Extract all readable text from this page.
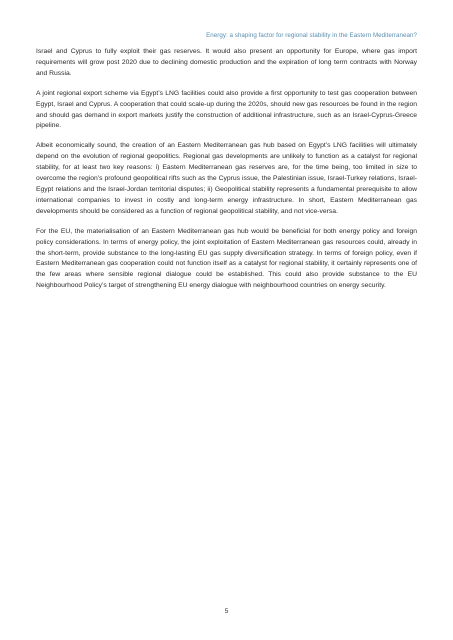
Energy: a shaping factor for regional stability in the Eastern Mediterranean?

Israel and Cyprus to fully exploit their gas reserves. It would also present an opportunity for Europe, where gas import requirements will grow post 2020 due to declining domestic production and the expiration of long term contracts with Norway and Russia.

A joint regional export scheme via Egypt’s LNG facilities could also provide a first opportunity to test gas cooperation between Egypt, Israel and Cyprus. A cooperation that could scale-up during the 2020s, should new gas resources be found in the region and should gas demand in export markets justify the construction of additional infrastructure, such as an Israel-Cyprus-Greece pipeline.

Albeit economically sound, the creation of an Eastern Mediterranean gas hub based on Egypt’s LNG facilities will ultimately depend on the evolution of regional geopolitics. Regional gas developments are unlikely to function as a catalyst for regional stability, for at least two key reasons: i) Eastern Mediterranean gas reserves are, for the time being, too limited in size to overcome the region’s profound geopolitical rifts such as the Cyprus issue, the Palestinian issue, Israel-Turkey relations, Israel-Egypt relations and the Israel-Jordan territorial disputes; ii) Geopolitical stability represents a fundamental prerequisite to allow international companies to invest in costly and long-term energy infrastructure. In short, Eastern Mediterranean gas developments should be considered as a function of regional geopolitical stability, and not vice-versa.

For the EU, the materialisation of an Eastern Mediterranean gas hub would be beneficial for both energy policy and foreign policy considerations. In terms of energy policy, the joint exploitation of Eastern Mediterranean gas resources could, already in the short-term, provide substance to the long-lasting EU gas supply diversification strategy. In terms of foreign policy, even if Eastern Mediterranean gas cooperation could not function itself as a catalyst for regional stability, it certainly represents one of the few areas where sensible regional dialogue could be established. This could also provide substance to the EU Neighbourhood Policy’s target of strengthening EU energy dialogue with neighbourhood countries on energy security.

5
